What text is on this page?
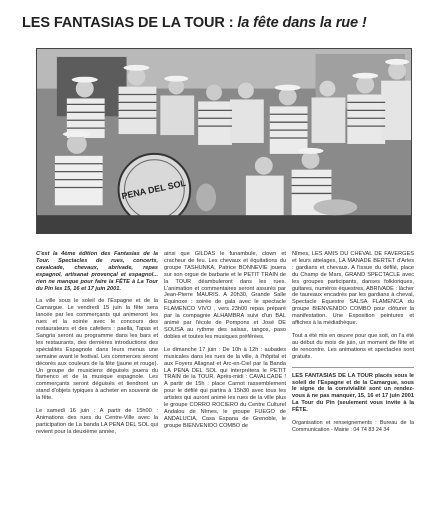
LES FANTASIAS DE LA TOUR : la fête dans la rue !
PENA DEL SOL

C'est la 4ème édition des Fantasias de la Tour. Spectacles de rues, concerts, cavalcade, chevaux, abrivade, repas espagnol, artisanat provençal et espagnol... rien ne manque pour faire la FÊTE à La Tour du Pin les 15, 16 et 17 juin 2001.

La ville sous le soleil de l'Espagne et de la Camargue. Le vendredi 15 juin la fête sera lancée par les commerçants qui animeront les rues et la soirée avec le concours des restaurateurs et des cafetiers : paella, Tapas et Sangria seront au programme dans les bars et les restaurants, des dernières introductions des spécialités Espagnole dans leurs menus une semaine avant le festival. Les commerces seront décorés aux couleurs de la fête (jaune et rouge). Un groupe de musiciens déguisés jouera du flamenco et de la musique espagnole. Les commerçants seront déguisés et tiendront un stand d'objets typiques à acheter en souvenir de la fête.

Le samedi 16 juin : A partir de 15h00 : Animations des rues du Centre-Ville avec la participation de La banda LA PENA DEL SOL qui revient pour la deuxième année,

ainsi que GILDAS le funambule, clown et cracheur de feu. Les chevaux et équitations du groupe TASHUNKA, Patrice BONNEVIE jouera sur son orgue de barbarie et le PETIT TRAIN de la TOUR déambuleront dans les rues. L'animation et commentaires seront assurés par Jean-Pierre MAURIS. A 20h30, Grande Salle Equinoxe : soirée de gala avec le spectacle FLAMENCO VIVO , vers 23h00 repas préparé par la compagnie ALHAMBRA suivi d'un BAL animé par l'école de Pompons et José DE SOUSA au rythme des salsas, tangos, paso dobles et toutes les musiques préférées.

Le dimanche 17 juin : De 10h à 12h : aubades musicales dans les rues de la ville, à l'hôpital et aux Foyers Allagnat et Arc-en-Ciel par la Banda LA PENA DEL SOL qui interprétera le PETIT TRAIN de la TOUR. Après-midi : CAVALCADE ! A partir de 15h : place Carnot rassemblement pour le défilé qui partira à 15h30 avec tous les artistes qui auront animé les rues de la ville plus le groupe CORRO ROCIERO du Centre Culturel Andalou de Nîmes, le groupe FUEGO de ANDALUCIA, Casa Espana de Grenoble, le groupe BIENVENIDO COMBO de

Nîmes, LES AMIS DU CHEVAL DE FAVERGES et leurs attelages, LA MANADE BERTET d'Arles : gardians et chevaux. A l'issue du défilé, place du Champ de Mars, GRAND SPECTACLE avec les groupes participants, danses folkloriques, guitares, numéros équestres, ABRIVADE : lâcher de taureaux encadrés par les gardians à cheval, Spectacle Equestre SALSA FLAMENCA du groupe BIENVENIDO COMBO pour clôturer la manifestation. Une Exposition peintures et affiches à la médiathèque.

Tout a été mis en œuvre pour que soit, on l'a été au début du mois de juin, un moment de fête et de rencontre. Les animations et spectacles sont gratuits.

LES FANTASIAS DE LA TOUR placés sous le soleil de l'Espagne et de la Camargue, sous le signe de la convivialité sont un rendez-vous à ne pas manquer, 15, 16 et 17 juin 2001 La Tour du Pin (seulement vous invite à la FÊTE.

Organisation et renseignements : Bureau de la Communication - Mairie : 04 74 83 24 34
